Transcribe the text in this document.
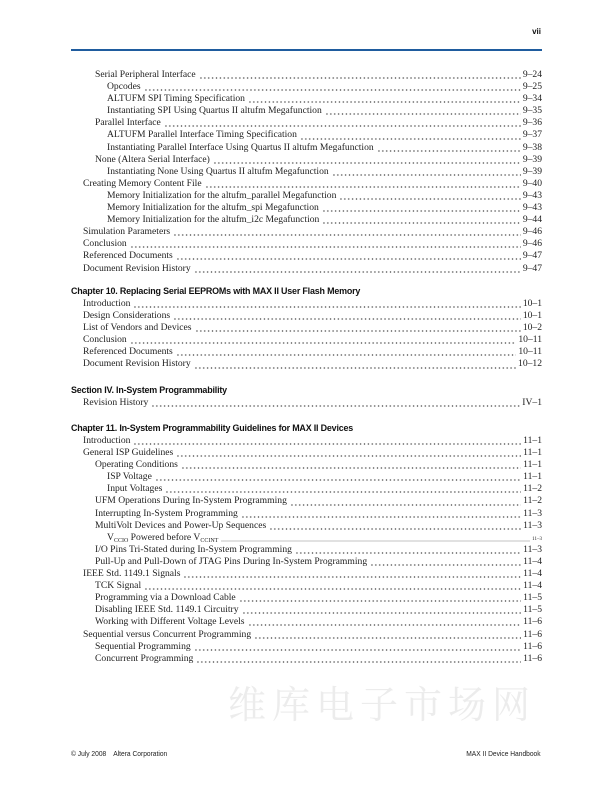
vii
Serial Peripheral Interface	9–24
Opcodes	9–25
ALTUFM SPI Timing Specification	9–34
Instantiating SPI Using Quartus II altufm Megafunction	9–35
Parallel Interface	9–36
ALTUFM Parallel Interface Timing Specification	9–37
Instantiating Parallel Interface Using Quartus II altufm Megafunction	9–38
None (Altera Serial Interface)	9–39
Instantiating None Using Quartus II altufm Megafunction	9–39
Creating Memory Content File	9–40
Memory Initialization for the altufm_parallel Megafunction	9–43
Memory Initialization for the altufm_spi Megafunction	9–43
Memory Initialization for the altufm_i2c Megafunction	9–44
Simulation Parameters	9–46
Conclusion	9–46
Referenced Documents	9–47
Document Revision History	9–47
Chapter 10. Replacing Serial EEPROMs with MAX II User Flash Memory
Introduction	10–1
Design Considerations	10–1
List of Vendors and Devices	10–2
Conclusion	10–11
Referenced Documents	10–11
Document Revision History	10–12
Section IV. In-System Programmability
Revision History	IV–1
Chapter 11. In-System Programmability Guidelines for MAX II Devices
Introduction	11–1
General ISP Guidelines	11–1
Operating Conditions	11–1
ISP Voltage	11–1
Input Voltages	11–2
UFM Operations During In-System Programming	11–2
Interrupting In-System Programming	11–3
MultiVolt Devices and Power-Up Sequences	11–3
$V_{CCIO}$ Powered before $V_{CCINT}$	11–3
I/O Pins Tri-Stated during In-System Programming	11–3
Pull-Up and Pull-Down of JTAG Pins During In-System Programming	11–4
IEEE Std. 1149.1 Signals	11–4
TCK Signal	11–4
Programming via a Download Cable	11–5
Disabling IEEE Std. 1149.1 Circuitry	11–5
Working with Different Voltage Levels	11–6
Sequential versus Concurrent Programming	11–6
Sequential Programming	11–6
Concurrent Programming	11–6
维库电子市场网
© July 2008    Altera Corporation	MAX II Device Handbook
